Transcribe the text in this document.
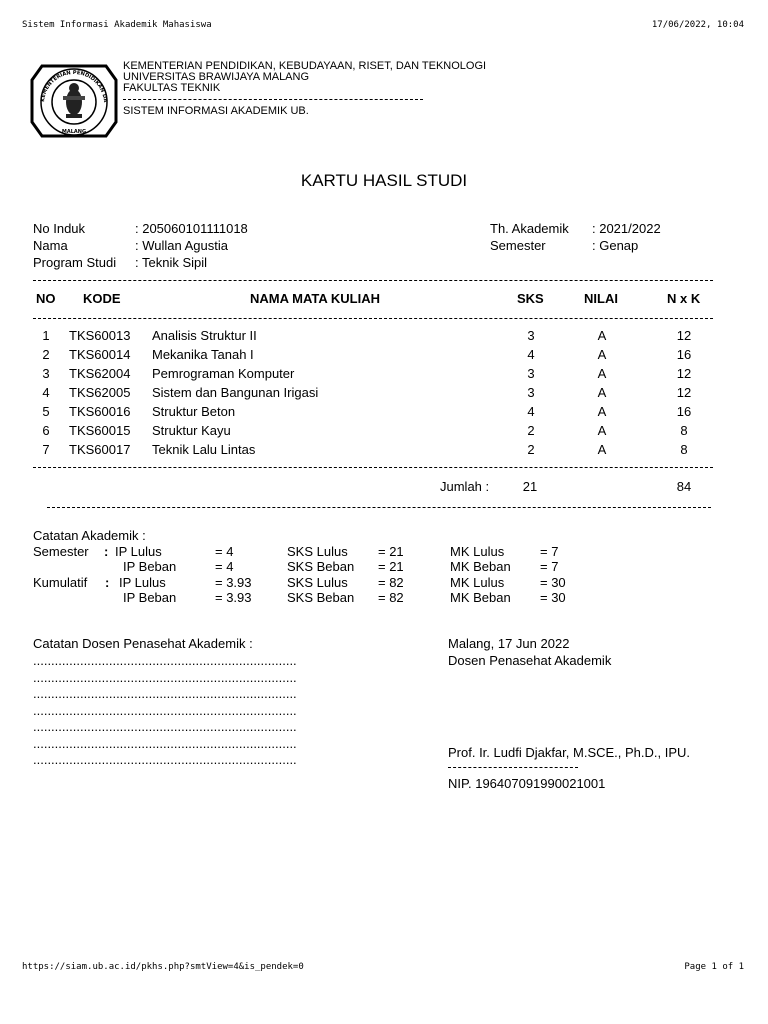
Sistem Informasi Akademik Mahasiswa	17/06/2022, 10:04
KEMENTERIAN PENDIDIKAN DA
MALANG
KEMENTERIAN PENDIDIKAN, KEBUDAYAAN, RISET, DAN TEKNOLOGI
UNIVERSITAS BRAWIJAYA MALANG
FAKULTAS TEKNIK
SISTEM INFORMASI AKADEMIK UB.
KARTU HASIL STUDI
No Induk	: 205060101111018
Nama	: Wullan Agustia
Program Studi : Teknik Sipil
Th. Akademik : 2021/2022
Semester	: Genap
NO KODE	NAMA MATA KULIAH	SKS	NILAI	N x K
1	TKS60013 Analisis Struktur II	3	A	12
2	TKS60014 Mekanika Tanah I	4	A	16
3	TKS62004 Pemrograman Komputer	3	A	12
4	TKS62005 Sistem dan Bangunan Irigasi	3	A	12
5	TKS60016 Struktur Beton	4	A	16
6	TKS60015 Struktur Kayu	2	A	8
7	TKS60017 Teknik Lalu Lintas	2	A	8
Jumlah :	21	84
Catatan Akademik :
Semester :
Kumulatif :
IP Lulus	= 4	SKS Lulus = 21	MK Lulus	= 7
IP Beban	= 4	SKS Beban = 21	MK Beban = 7
IP Lulus	= 3.93	SKS Lulus = 82	MK Lulus	= 30
IP Beban	= 3.93	SKS Beban = 82	MK Beban = 30
Catatan Dosen Penasehat Akademik :
.........................................................................
.........................................................................
.........................................................................
.........................................................................
.........................................................................
.........................................................................
.........................................................................
Malang, 17 Jun 2022
Dosen Penasehat Akademik
Prof. Ir. Ludfi Djakfar, M.SCE., Ph.D., IPU.
NIP. 196407091990021001
https://siam.ub.ac.id/pkhs.php?smtView=4&is_pendek=0	Page 1 of 1
